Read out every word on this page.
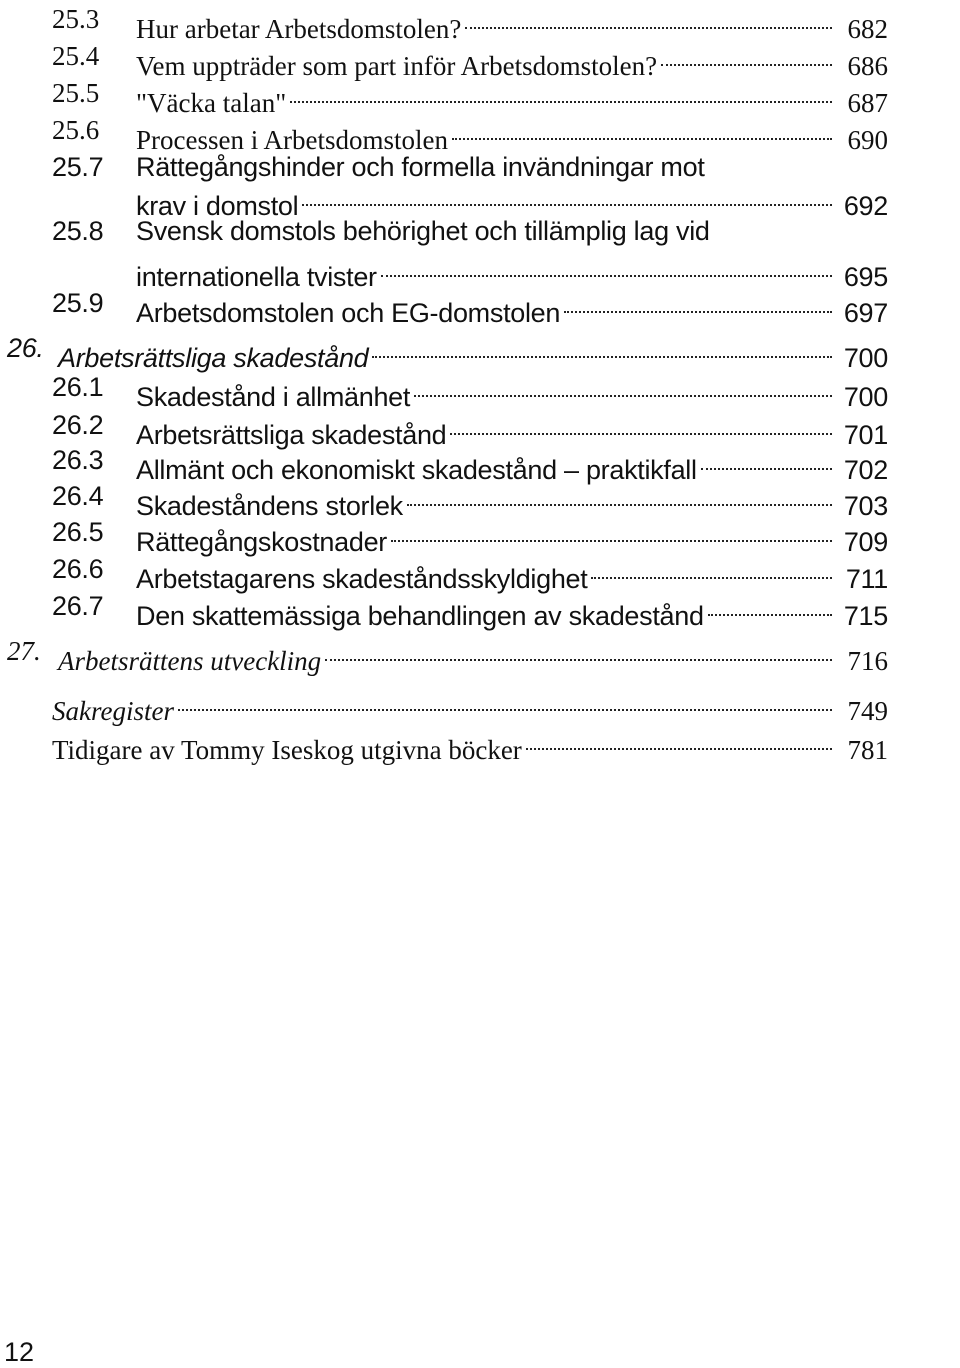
25.3 Hur arbetar Arbetsdomstolen?	682
25.4 Vem uppträder som part inför Arbetsdomstolen?	686
25.5 "Väcka talan"	687
25.6 Processen i Arbetsdomstolen	690
25.7 Rättegångshinder och formella invändningar mot
krav i domstol	692
25.8 Svensk domstols behörighet och tillämplig lag vid
internationella tvister	695
25.9 Arbetsdomstolen och EG-domstolen	697
26. Arbetsrättsliga skadestånd	700
26.1 Skadestånd i allmänhet	700
26.2 Arbetsrättsliga skadestånd	701
26.3 Allmänt och ekonomiskt skadestånd – praktikfall	702
26.4 Skadeståndens storlek	703
26.5 Rättegångskostnader	709
26.6 Arbetstagarens skadeståndsskyldighet	711
26.7 Den skattemässiga behandlingen av skadestånd	715
27. Arbetsrättens utveckling	716
Sakregister	749
Tidigare av Tommy Iseskog utgivna böcker	781
12
